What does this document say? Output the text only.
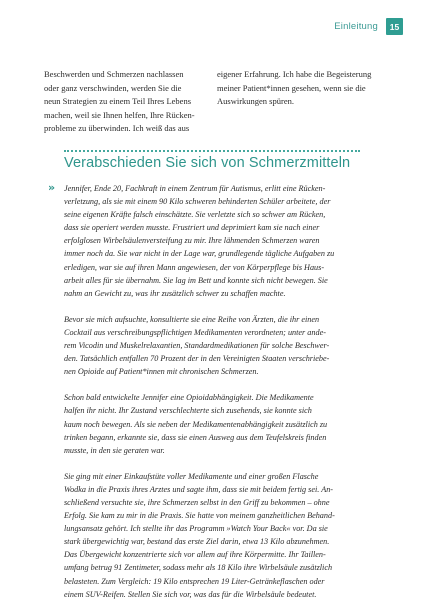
Einleitung	15
Beschwerden und Schmerzen nachlassen
oder ganz verschwinden, werden Sie die
neun Strategien zu einem Teil Ihres Lebens
machen, weil sie Ihnen helfen, Ihre Rücken-
probleme zu überwinden. Ich weiß das aus
eigener Erfahrung. Ich habe die Begeisterung
meiner Patient*innen gesehen, wenn sie die
Auswirkungen spüren.
Verabschieden Sie sich von Schmerzmitteln
» Jennifer, Ende 20, Fachkraft in einem Zentrum für Autismus, erlitt eine Rücken-
verletzung, als sie mit einem 90 Kilo schweren behinderten Schüler arbeitete, der
seine eigenen Kräfte falsch einschätzte. Sie verletzte sich so schwer am Rücken,
dass sie operiert werden musste. Frustriert und deprimiert kam sie nach einer
erfolglosen Wirbelsäulenversteifung zu mir. Ihre lähmenden Schmerzen waren
immer noch da. Sie war nicht in der Lage war, grundlegende tägliche Aufgaben zu
erledigen, war sie auf ihren Mann angewiesen, der von Körperpflege bis Haus-
arbeit alles für sie übernahm. Sie lag im Bett und konnte sich nicht bewegen. Sie
nahm an Gewicht zu, was ihr zusätzlich schwer zu schaffen machte.
Bevor sie mich aufsuchte, konsultierte sie eine Reihe von Ärzten, die ihr einen
Cocktail aus verschreibungspflichtigen Medikamenten verordneten; unter ande-
rem Vicodin und Muskelrelaxantien, Standardmedikationen für solche Beschwer-
den. Tatsächlich entfallen 70 Prozent der in den Vereinigten Staaten verschriebe-
nen Opioide auf Patient*innen mit chronischen Schmerzen.
Schon bald entwickelte Jennifer eine Opioidabhängigkeit. Die Medikamente
halfen ihr nicht. Ihr Zustand verschlechterte sich zusehends, sie konnte sich
kaum noch bewegen. Als sie neben der Medikamentenabhängigkeit zusätzlich zu
trinken begann, erkannte sie, dass sie einen Ausweg aus dem Teufelskreis finden
musste, in den sie geraten war.
Sie ging mit einer Einkaufstüte voller Medikamente und einer großen Flasche
Wodka in die Praxis ihres Arztes und sagte ihm, dass sie mit beidem fertig sei. An-
schließend versuchte sie, ihre Schmerzen selbst in den Griff zu bekommen – ohne
Erfolg. Sie kam zu mir in die Praxis. Sie hatte von meinem ganzheitlichen Behand-
lungsansatz gehört. Ich stellte ihr das Programm »Watch Your Back« vor. Da sie
stark übergewichtig war, bestand das erste Ziel darin, etwa 13 Kilo abzunehmen.
Das Übergewicht konzentrierte sich vor allem auf ihre Körpermitte. Ihr Taillen-
umfang betrug 91 Zentimeter, sodass mehr als 18 Kilo ihre Wirbelsäule zusätzlich
belasteten. Zum Vergleich: 19 Kilo entsprechen 19 Liter-Getränkeflaschen oder
einem SUV-Reifen. Stellen Sie sich vor, was das für die Wirbelsäule bedeutet.
